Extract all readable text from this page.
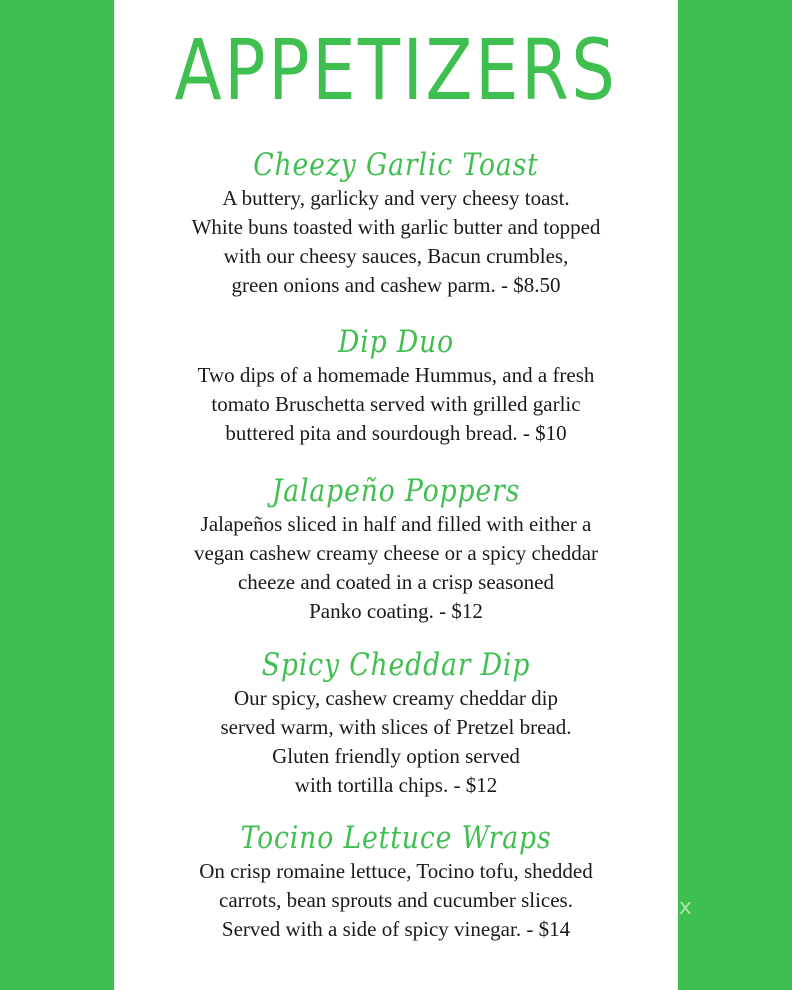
APPETIZERS
Cheezy Garlic Toast
A buttery, garlicky and very cheesy toast.
White buns toasted with garlic butter and topped
with our cheesy sauces, Bacun crumbles,
green onions and cashew parm. - $8.50
Dip Duo
Two dips of a homemade Hummus, and a fresh
tomato Bruschetta served with grilled garlic
buttered pita and sourdough bread. - $10
Jalapeño Poppers
Jalapeños sliced in half and filled with either a
vegan cashew creamy cheese or a spicy cheddar
cheeze and coated in a crisp seasoned
Panko coating. - $12
Spicy Cheddar Dip
Our spicy, cashew creamy cheddar dip
served warm, with slices of Pretzel bread.
Gluten friendly option served
with tortilla chips. - $12
Tocino Lettuce Wraps
On crisp romaine lettuce, Tocino tofu, shedded
carrots, bean sprouts and cucumber slices.
Served with a side of spicy vinegar. - $14
menupix
